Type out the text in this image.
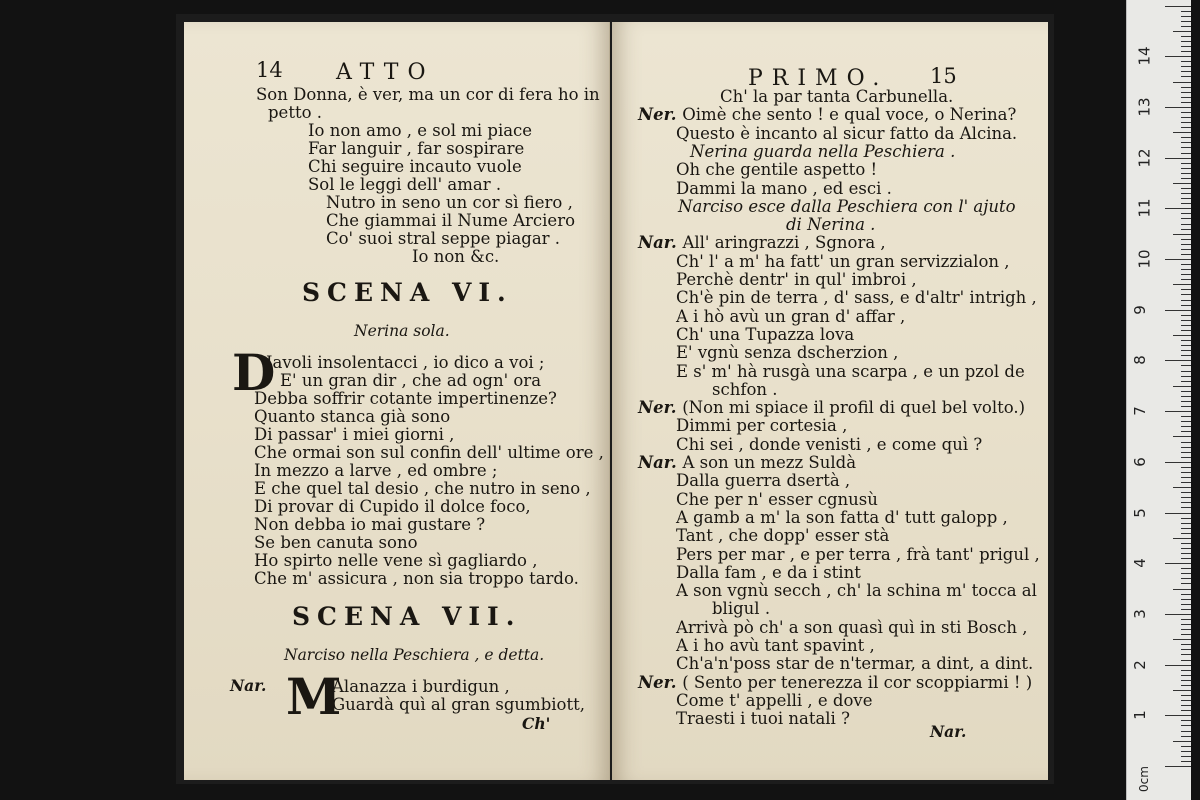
14 ATTO
Son Donna, è ver, ma un cor di fera ho in
petto .
Io non amo , e sol mi piace
Far languir , far sospirare
Chi seguire incauto vuole
Sol le leggi dell' amar .
Nutro in seno un cor sì fiero ,
Che giammai il Nume Arciero
Co' suoi stral seppe piagar .
Io non &c.
SCENA VI.
Nerina sola.
D
Iavoli insolentacci , io dico a voi ;
E' un gran dir , che ad ogn' ora
Debba soffrir cotante impertinenze?
Quanto stanca già sono
Di passar' i miei giorni ,
Che ormai son sul confin dell' ultime ore ,
In mezzo a larve , ed ombre ;
E che quel tal desio , che nutro in seno ,
Di provar di Cupido il dolce foco,
Non debba io mai gustare ?
Se ben canuta sono
Ho spirto nelle vene sì gagliardo ,
Che m' assicura , non sia troppo tardo.
SCENA VII.
Narciso nella Peschiera , e detta.
Nar. M
Alanazza i burdigun ,
Guardà quì al gran sgumbiott,
Ch'
PRIMO. 15
Ch' la par tanta Carbunella.
Ner. Oimè che sento ! e qual voce, o Nerina?
Questo è incanto al sicur fatto da Alcina.
Nerina guarda nella Peschiera .
Oh che gentile aspetto !
Dammi la mano , ed esci .
Narciso esce dalla Peschiera con l' ajuto
di Nerina .
Nar. All' aringrazzi , Sgnora ,
Ch' l' a m' ha fatt' un gran servizzialon ,
Perchè dentr' in qul' imbroi ,
Ch'è pin de terra , d' sass, e d'altr' intrigh ,
A i hò avù un gran d' affar ,
Ch' una Tupazza lova
E' vgnù senza dscherzion ,
E s' m' hà rusgà una scarpa , e un pzol de
schfon .
Ner. (Non mi spiace il profil di quel bel volto.)
Dimmi per cortesia ,
Chi sei , donde venisti , e come quì ?
Nar. A son un mezz Suldà
Dalla guerra dsertà ,
Che per n' esser cgnusù
A gamb a m' la son fatta d' tutt galopp ,
Tant , che dopp' esser stà
Pers per mar , e per terra , frà tant' prigul ,
Dalla fam , e da i stint
A son vgnù secch , ch' la schina m' tocca al
bligul .
Arrivà pò ch' a son quasì quì in sti Bosch ,
A i ho avù tant spavint ,
Ch'a'n'poss star de n'termar, a dint, a dint.
Ner. ( Sento per tenerezza il cor scoppiarmi ! )
Come t' appelli , e dove
Traesti i tuoi natali ?
Nar.
14
13
12
11
10
9
8
7
6
5
4
3
2
1
0cm
